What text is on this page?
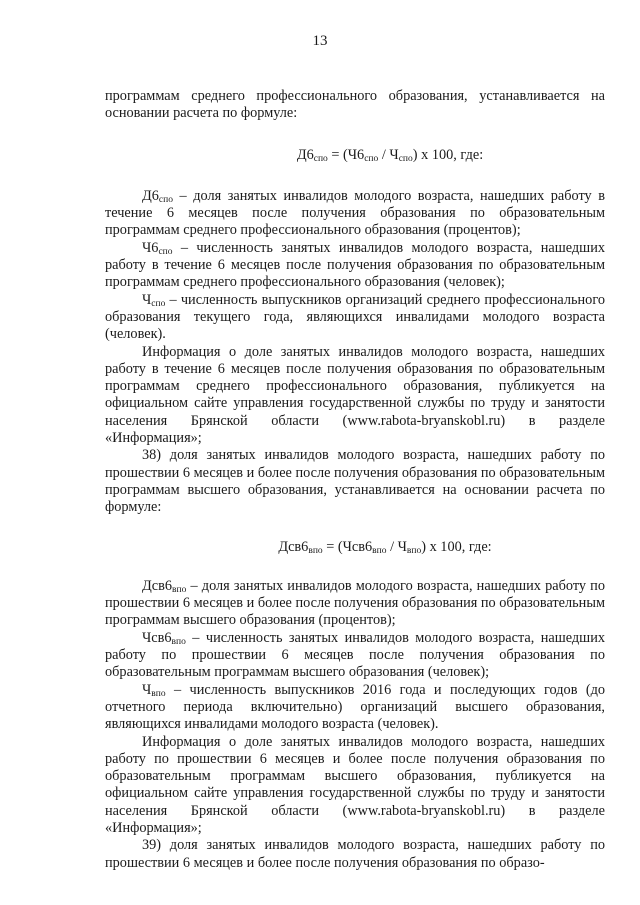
13

программам среднего профессионального образования, устанавливается на основании расчета по формуле:

$Д6_{спо} = (Ч6_{спо} / Ч_{спо})$ х 100, где:

$Д6_{спо}$ – доля занятых инвалидов молодого возраста, нашедших работу в течение 6 месяцев после получения образования по образовательным программам среднего профессионального образования (процентов);

$Ч6_{спо}$ – численность занятых инвалидов молодого возраста, нашедших работу в течение 6 месяцев после получения образования по образовательным программам среднего профессионального образования (человек);

$Ч_{спо}$ – численность выпускников организаций среднего профессионального образования текущего года, являющихся инвалидами молодого возраста (человек).

Информация о доле занятых инвалидов молодого возраста, нашедших работу в течение 6 месяцев после получения образования по образовательным программам среднего профессионального образования, публикуется на официальном сайте управления государственной службы по труду и занятости населения Брянской области (www.rabota-bryanskobl.ru) в разделе «Информация»;

38) доля занятых инвалидов молодого возраста, нашедших работу по прошествии 6 месяцев и более после получения образования по образовательным программам высшего образования, устанавливается на основании расчета по формуле:

$Дсв6_{впо} = (Чсв6_{впо} / Ч_{впо})$ х 100, где:

$Дсв6_{впо}$ – доля занятых инвалидов молодого возраста, нашедших работу по прошествии 6 месяцев и более после получения образования по образовательным программам высшего образования (процентов);

$Чсв6_{впо}$ – численность занятых инвалидов молодого возраста, нашедших работу по прошествии 6 месяцев после получения образования по образовательным программам высшего образования (человек);

$Ч_{впо}$ – численность выпускников 2016 года и последующих годов (до отчетного периода включительно) организаций высшего образования, являющихся инвалидами молодого возраста (человек).

Информация о доле занятых инвалидов молодого возраста, нашедших работу по прошествии 6 месяцев и более после получения образования по образовательным программам высшего образования, публикуется на официальном сайте управления государственной службы по труду и занятости населения Брянской области (www.rabota-bryanskobl.ru) в разделе «Информация»;

39) доля занятых инвалидов молодого возраста, нашедших работу по прошествии 6 месяцев и более после получения образования по образо-
